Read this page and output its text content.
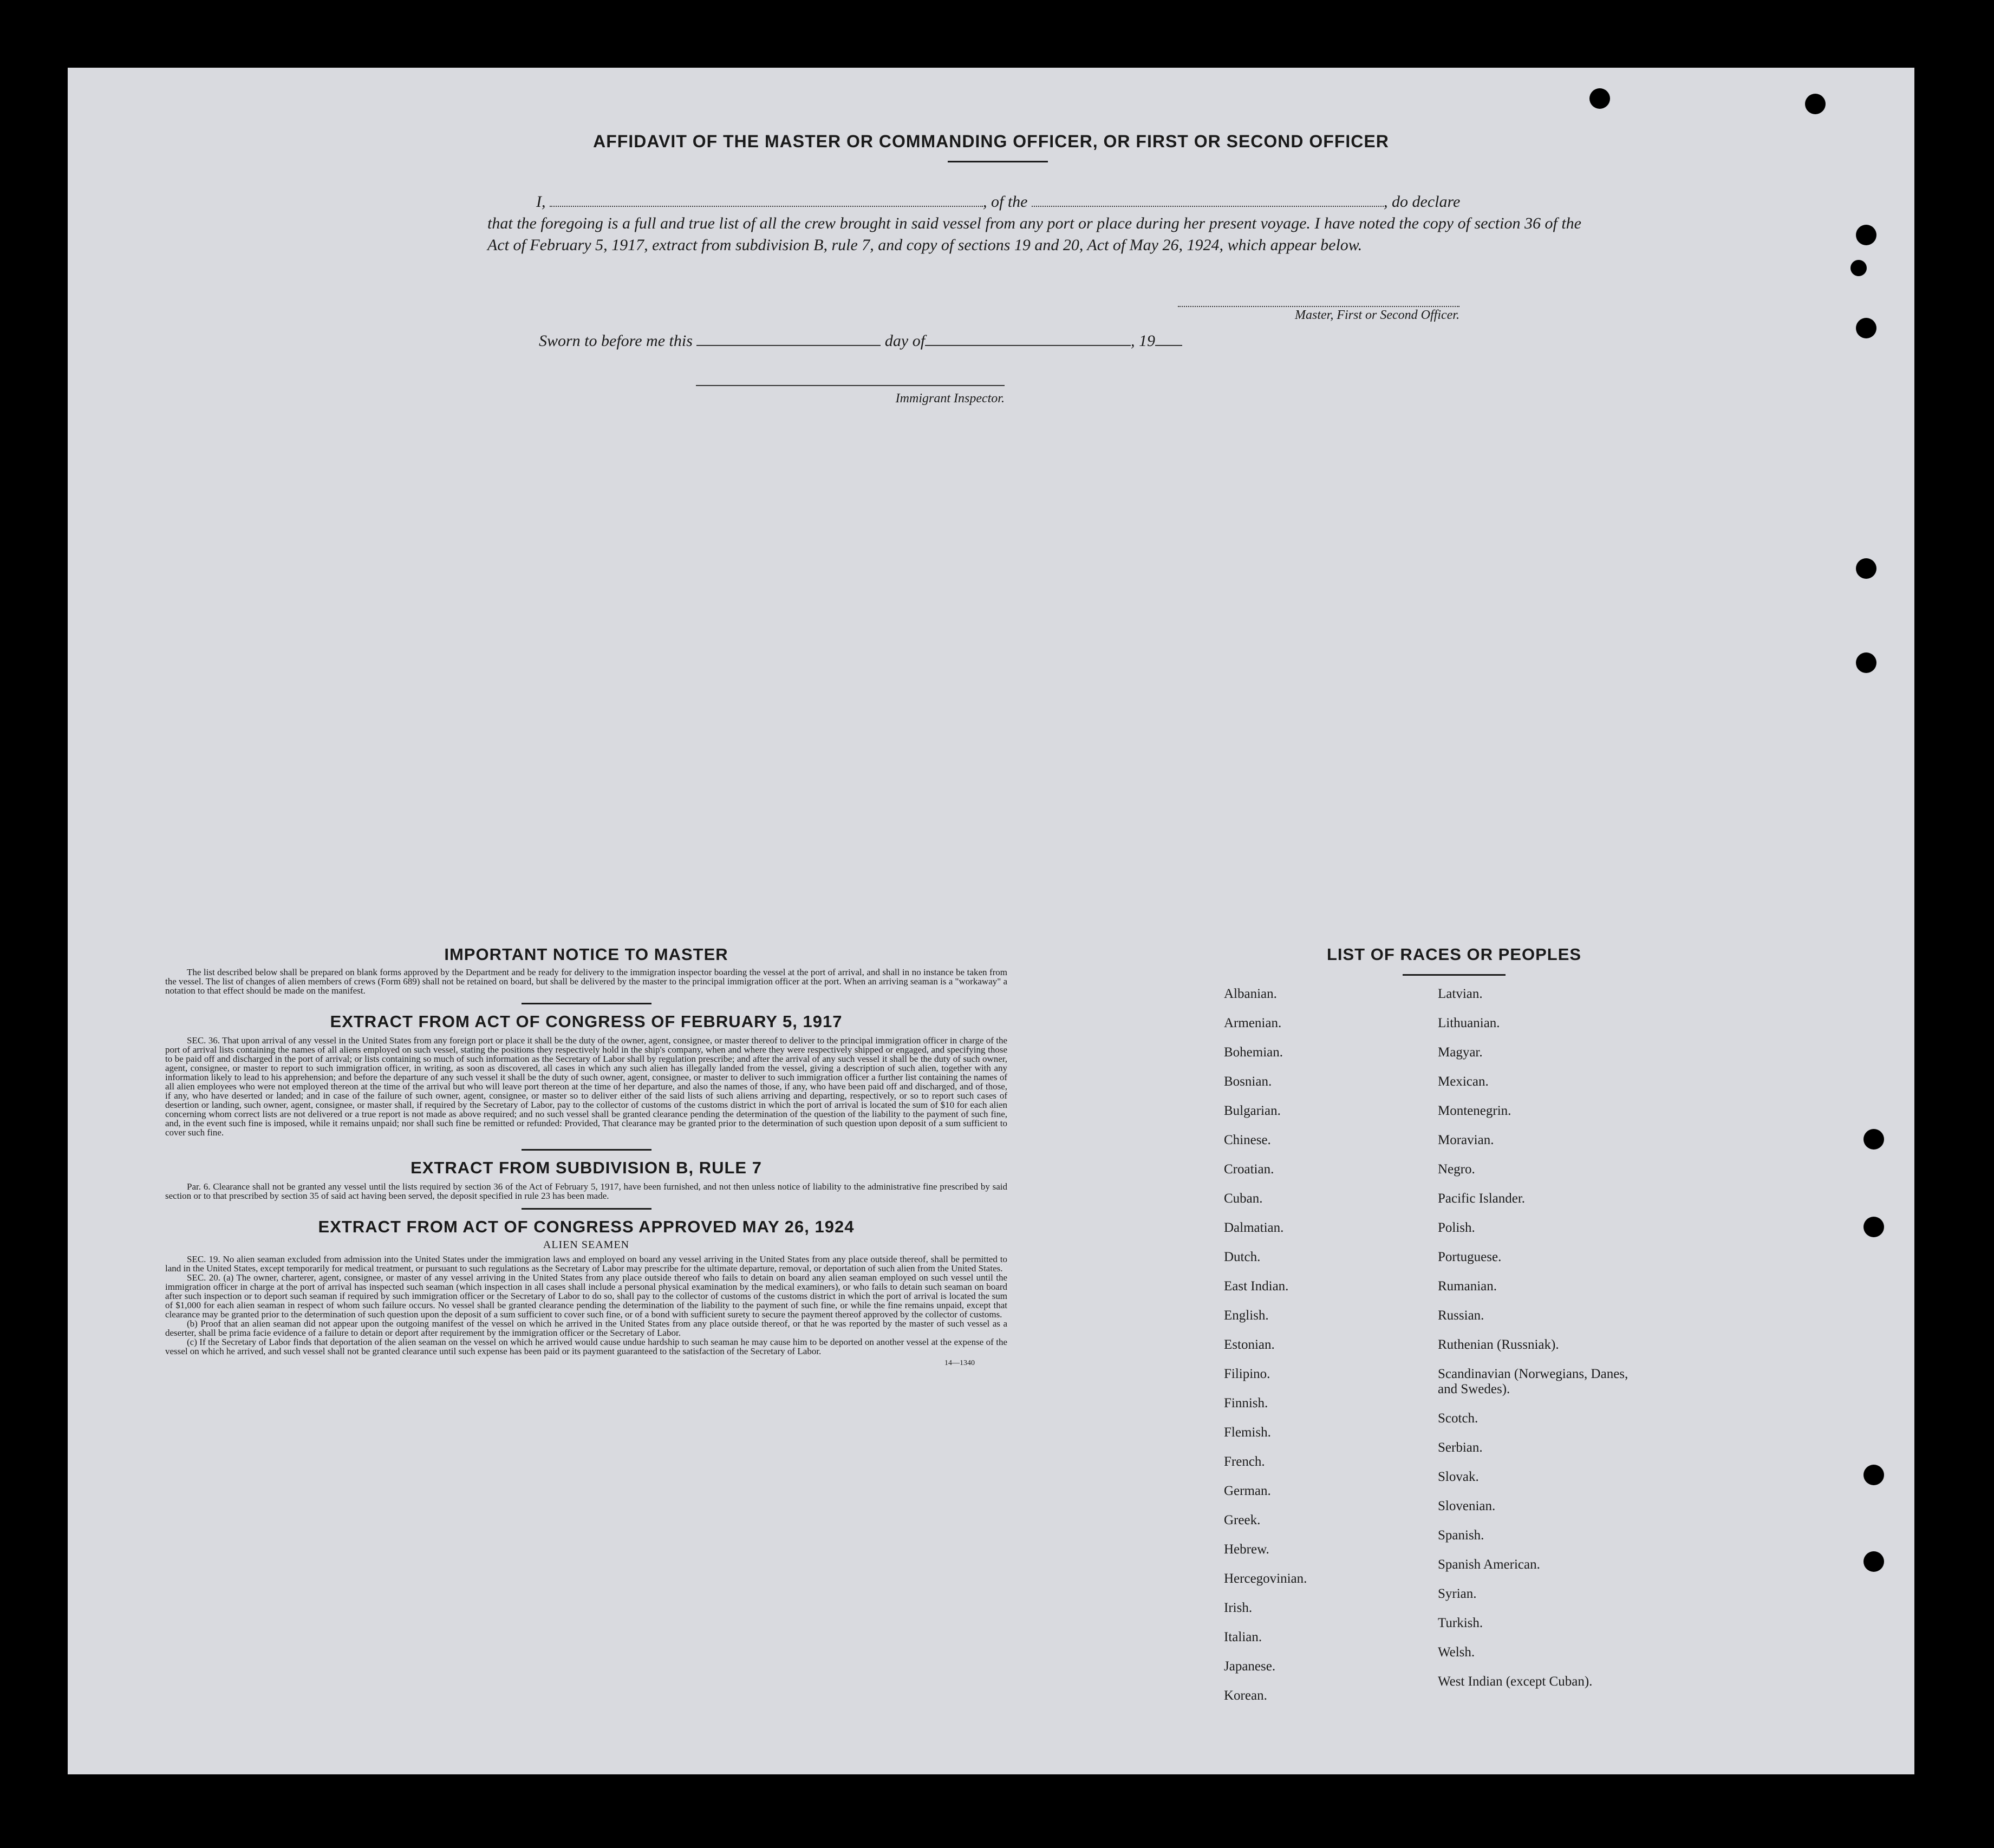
AFFIDAVIT OF THE MASTER OR COMMANDING OFFICER, OR FIRST OR SECOND OFFICER
I,	, of the	, do declare
that the foregoing is a full and true list of all the crew brought in said vessel from any port or place during her present voyage. I have noted the copy of section 36 of the Act of February 5, 1917, extract from subdivision B, rule 7, and copy of sections 19 and 20, Act of May 26, 1924, which appear below.
Master, First or Second Officer.
Sworn to before me this	day of	, 19
Immigrant Inspector.
IMPORTANT NOTICE TO MASTER

The list described below shall be prepared on blank forms approved by the Department and be ready for delivery to the immigration inspector boarding the vessel at the port of arrival, and shall in no instance be taken from the vessel. The list of changes of alien members of crews (Form 689) shall not be retained on board, but shall be delivered by the master to the principal immigration officer at the port. When an arriving seaman is a "workaway" a notation to that effect should be made on the manifest.

EXTRACT FROM ACT OF CONGRESS OF FEBRUARY 5, 1917

SEC. 36. That upon arrival of any vessel in the United States from any foreign port or place it shall be the duty of the owner, agent, consignee, or master thereof to deliver to the principal immigration officer in charge of the port of arrival lists containing the names of all aliens employed on such vessel, stating the positions they respectively hold in the ship's company, when and where they were respectively shipped or engaged, and specifying those to be paid off and discharged in the port of arrival; or lists containing so much of such information as the Secretary of Labor shall by regulation prescribe; and after the arrival of any such vessel it shall be the duty of such owner, agent, consignee, or master to report to such immigration officer, in writing, as soon as discovered, all cases in which any such alien has illegally landed from the vessel, giving a description of such alien, together with any information likely to lead to his apprehension; and before the departure of any such vessel it shall be the duty of such owner, agent, consignee, or master to deliver to such immigration officer a further list containing the names of all alien employees who were not employed thereon at the time of the arrival but who will leave port thereon at the time of her departure, and also the names of those, if any, who have been paid off and discharged, and of those, if any, who have deserted or landed; and in case of the failure of such owner, agent, consignee, or master so to deliver either of the said lists of such aliens arriving and departing, respectively, or so to report such cases of desertion or landing, such owner, agent, consignee, or master shall, if required by the Secretary of Labor, pay to the collector of customs of the customs district in which the port of arrival is located the sum of $10 for each alien concerning whom correct lists are not delivered or a true report is not made as above required; and no such vessel shall be granted clearance pending the determination of the question of the liability to the payment of such fine, and, in the event such fine is imposed, while it remains unpaid; nor shall such fine be remitted or refunded: Provided, That clearance may be granted prior to the determination of such question upon deposit of a sum sufficient to cover such fine.

EXTRACT FROM SUBDIVISION B, RULE 7

Par. 6. Clearance shall not be granted any vessel until the lists required by section 36 of the Act of February 5, 1917, have been furnished, and not then unless notice of liability to the administrative fine prescribed by said section or to that prescribed by section 35 of said act having been served, the deposit specified in rule 23 has been made.

EXTRACT FROM ACT OF CONGRESS APPROVED MAY 26, 1924
ALIEN SEAMEN

SEC. 19. No alien seaman excluded from admission into the United States under the immigration laws and employed on board any vessel arriving in the United States from any place outside thereof, shall be permitted to land in the United States, except temporarily for medical treatment, or pursuant to such regulations as the Secretary of Labor may prescribe for the ultimate departure, removal, or deportation of such alien from the United States.

SEC. 20. (a) The owner, charterer, agent, consignee, or master of any vessel arriving in the United States from any place outside thereof who fails to detain on board any alien seaman employed on such vessel until the immigration officer in charge at the port of arrival has inspected such seaman (which inspection in all cases shall include a personal physical examination by the medical examiners), or who fails to detain such seaman on board after such inspection or to deport such seaman if required by such immigration officer or the Secretary of Labor to do so, shall pay to the collector of customs of the customs district in which the port of arrival is located the sum of $1,000 for each alien seaman in respect of whom such failure occurs. No vessel shall be granted clearance pending the determination of the liability to the payment of such fine, or while the fine remains unpaid, except that clearance may be granted prior to the determination of such question upon the deposit of a sum sufficient to cover such fine, or of a bond with sufficient surety to secure the payment thereof approved by the collector of customs.

(b) Proof that an alien seaman did not appear upon the outgoing manifest of the vessel on which he arrived in the United States from any place outside thereof, or that he was reported by the master of such vessel as a deserter, shall be prima facie evidence of a failure to detain or deport after requirement by the immigration officer or the Secretary of Labor.

(c) If the Secretary of Labor finds that deportation of the alien seaman on the vessel on which he arrived would cause undue hardship to such seaman he may cause him to be deported on another vessel at the expense of the vessel on which he arrived, and such vessel shall not be granted clearance until such expense has been paid or its payment guaranteed to the satisfaction of the Secretary of Labor.

14—1340
LIST OF RACES OR PEOPLES
Albanian.
Armenian.
Bohemian.
Bosnian.
Bulgarian.
Chinese.
Croatian.
Cuban.
Dalmatian.
Dutch.
East Indian.
English.
Estonian.
Filipino.
Finnish.
Flemish.
French.
German.
Greek.
Hebrew.
Hercegovinian.
Irish.
Italian.
Japanese.
Korean.
Latvian.
Lithuanian.
Magyar.
Mexican.
Montenegrin.
Moravian.
Negro.
Pacific Islander.
Polish.
Portuguese.
Rumanian.
Russian.
Ruthenian (Russniak).
Scandinavian (Norwegians, Danes, and Swedes).
Scotch.
Serbian.
Slovak.
Slovenian.
Spanish.
Spanish American.
Syrian.
Turkish.
Welsh.
West Indian (except Cuban).
